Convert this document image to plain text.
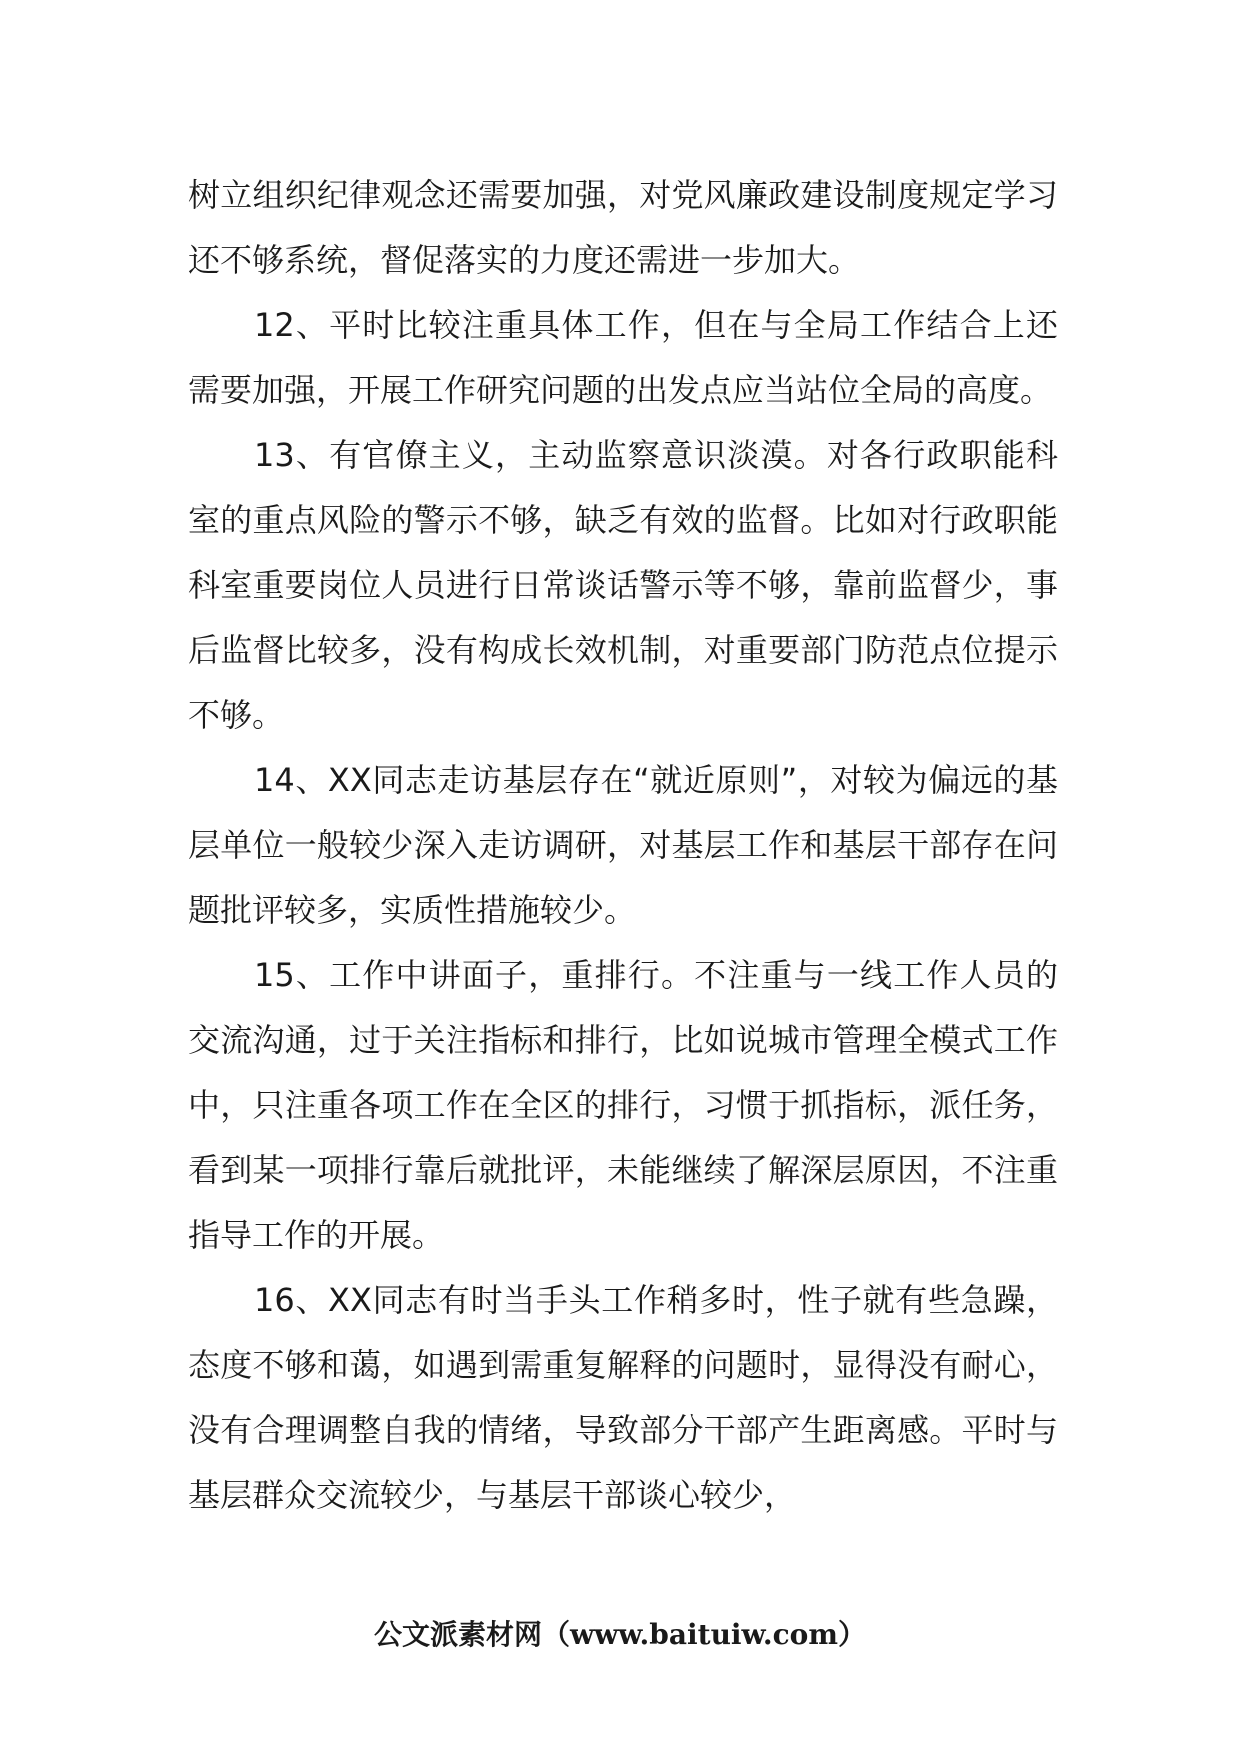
树立组织纪律观念还需要加强，对党风廉政建设制度规定学习还不够系统，督促落实的力度还需进一步加大。

12、平时比较注重具体工作，但在与全局工作结合上还需要加强，开展工作研究问题的出发点应当站位全局的高度。

13、有官僚主义，主动监察意识淡漠。对各行政职能科室的重点风险的警示不够，缺乏有效的监督。比如对行政职能科室重要岗位人员进行日常谈话警示等不够，靠前监督少，事后监督比较多，没有构成长效机制，对重要部门防范点位提示不够。

14、XX同志走访基层存在“就近原则”，对较为偏远的基层单位一般较少深入走访调研，对基层工作和基层干部存在问题批评较多，实质性措施较少。

15、工作中讲面子，重排行。不注重与一线工作人员的交流沟通，过于关注指标和排行，比如说城市管理全模式工作中，只注重各项工作在全区的排行，习惯于抓指标，派任务，看到某一项排行靠后就批评，未能继续了解深层原因，不注重指导工作的开展。

16、XX同志有时当手头工作稍多时，性子就有些急躁，态度不够和蔼，如遇到需重复解释的问题时，显得没有耐心，没有合理调整自我的情绪，导致部分干部产生距离感。平时与基层群众交流较少，与基层干部谈心较少，

公文派素材网（www.baituiw.com）
